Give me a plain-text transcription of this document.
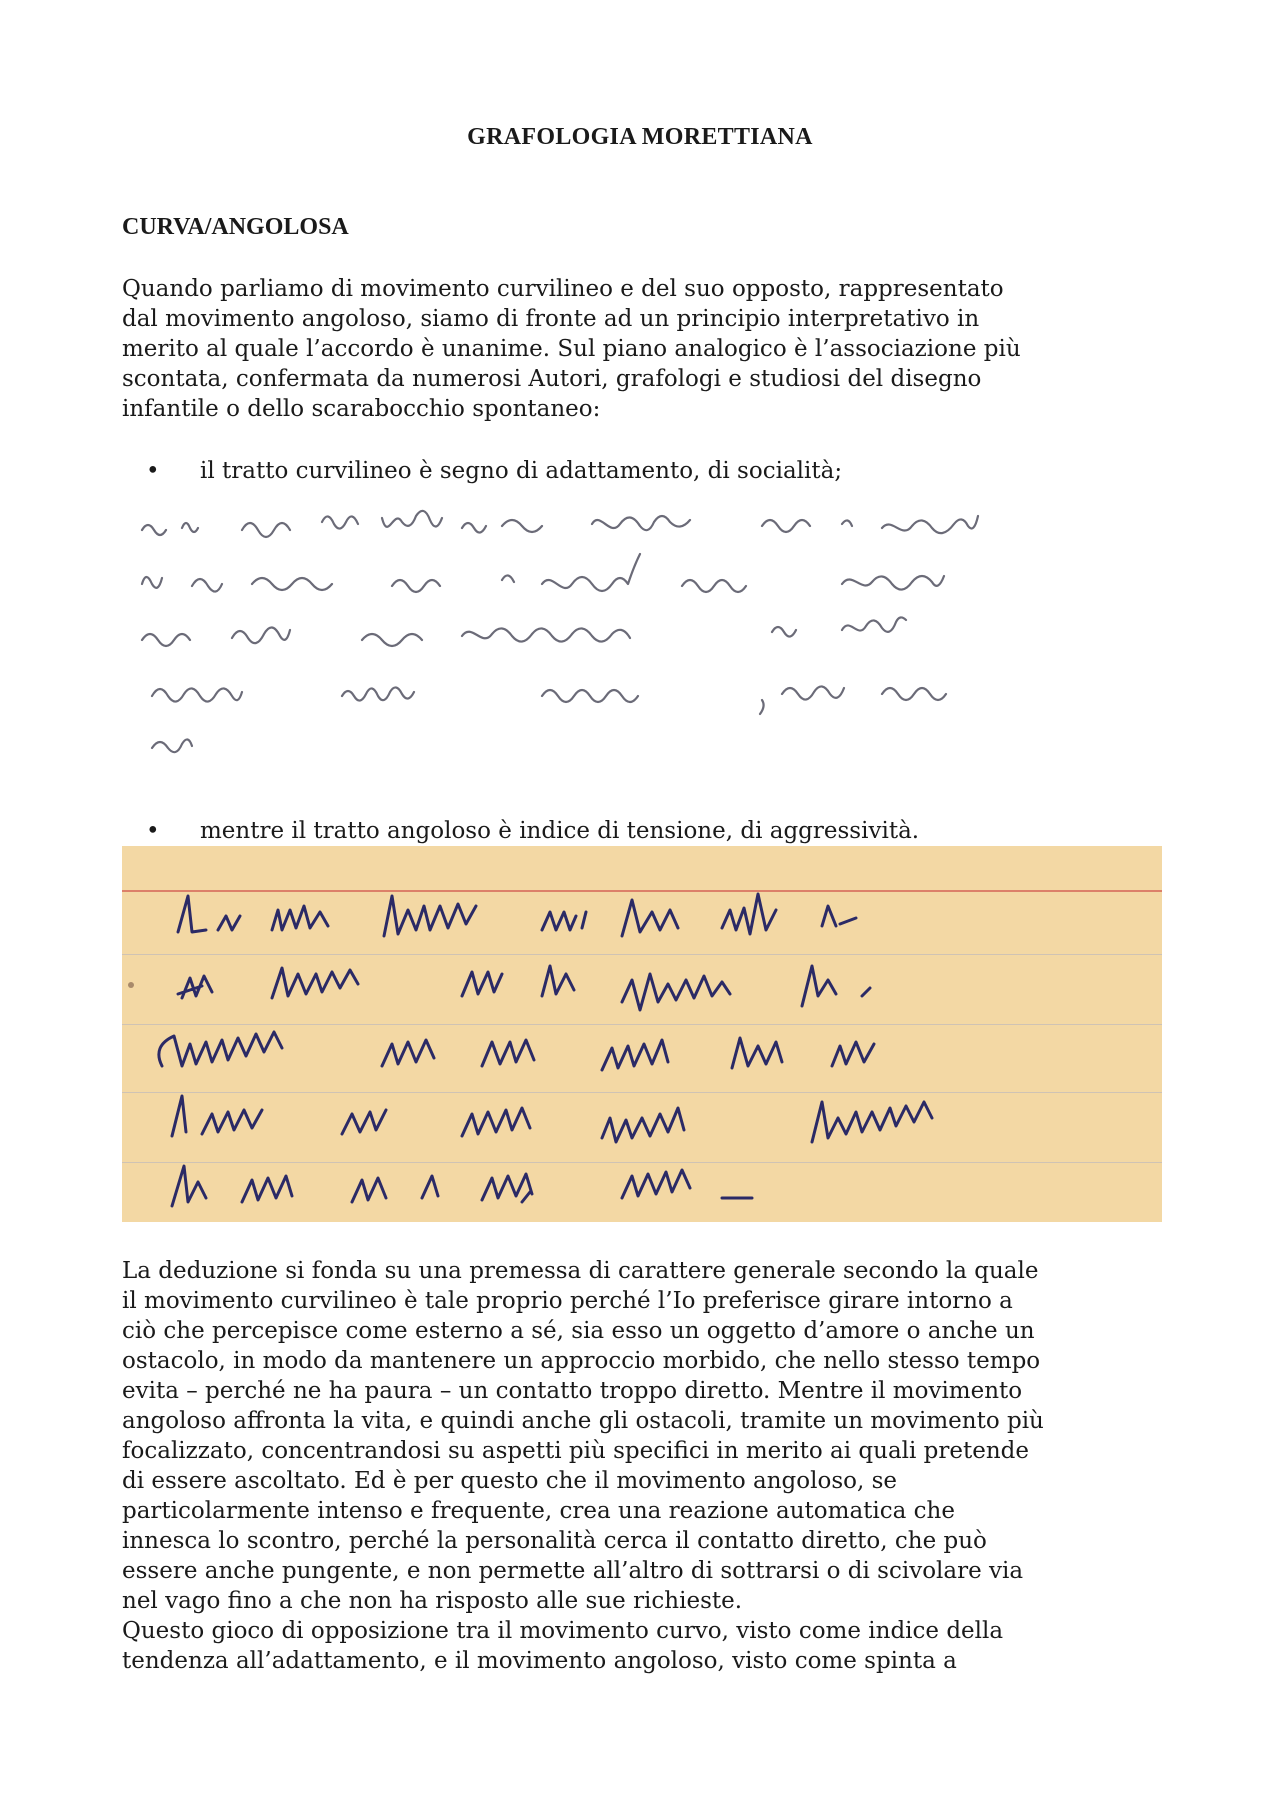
GRAFOLOGIA MORETTIANA
CURVA/ANGOLOSA
Quando parliamo di movimento curvilineo e del suo opposto, rappresentato
dal movimento angoloso, siamo di fronte ad un principio interpretativo in
merito al quale l’accordo è unanime. Sul piano analogico è l’associazione più
scontata, confermata da numerosi Autori, grafologi e studiosi del disegno
infantile o dello scarabocchio spontaneo:
• il tratto curvilineo è segno di adattamento, di socialità;
• mentre il tratto angoloso è indice di tensione, di aggressività.
La deduzione si fonda su una premessa di carattere generale secondo la quale
il movimento curvilineo è tale proprio perché l’Io preferisce girare intorno a
ciò che percepisce come esterno a sé, sia esso un oggetto d’amore o anche un
ostacolo, in modo da mantenere un approccio morbido, che nello stesso tempo
evita – perché ne ha paura – un contatto troppo diretto. Mentre il movimento
angoloso affronta la vita, e quindi anche gli ostacoli, tramite un movimento più
focalizzato, concentrandosi su aspetti più specifici in merito ai quali pretende
di essere ascoltato. Ed è per questo che il movimento angoloso, se
particolarmente intenso e frequente, crea una reazione automatica che
innesca lo scontro, perché la personalità cerca il contatto diretto, che può
essere anche pungente, e non permette all’altro di sottrarsi o di scivolare via
nel vago fino a che non ha risposto alle sue richieste.
Questo gioco di opposizione tra il movimento curvo, visto come indice della
tendenza all’adattamento, e il movimento angoloso, visto come spinta a
